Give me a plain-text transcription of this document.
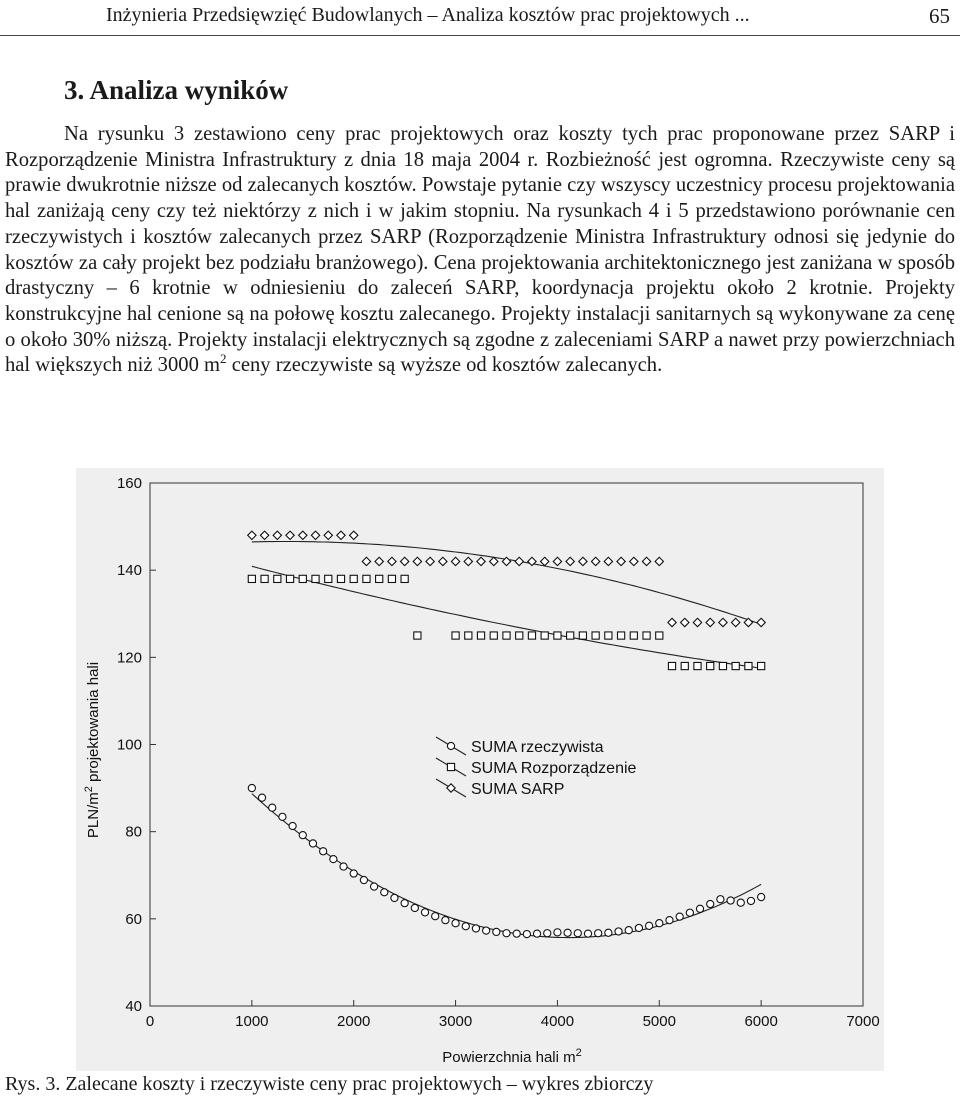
Inżynieria Przedsięwzięć Budowlanych – Analiza kosztów prac projektowych ...	65
3. Analiza wyników

Na rysunku 3 zestawiono ceny prac projektowych oraz koszty tych prac proponowane przez SARP i Rozporządzenie Ministra Infrastruktury z dnia 18 maja 2004 r. Rozbieżność jest ogromna. Rzeczywiste ceny są prawie dwukrotnie niższe od zalecanych kosztów. Powstaje pytanie czy wszyscy uczestnicy procesu projektowania hal zaniżają ceny czy też niektórzy z nich i w jakim stopniu. Na rysunkach 4 i 5 przedstawiono porównanie cen rzeczywistych i kosztów zalecanych przez SARP (Rozporządzenie Ministra Infrastruktury odnosi się jedynie do kosztów za cały projekt bez podziału branżowego). Cena projektowania architektonicznego jest zaniżana w sposób drastyczny – 6 krotnie w odniesieniu do zaleceń SARP, koordynacja projektu około 2 krotnie. Projekty konstrukcyjne hal cenione są na połowę kosztu zalecanego. Projekty instalacji sanitarnych są wykonywane za cenę o około 30% niższą. Projekty instalacji elektrycznych są zgodne z zaleceniami SARP a nawet przy powierzchniach hal większych niż 3000 $m^2$ ceny rzeczywiste są wyższe od kosztów zalecanych.

Powierzchnia hali $m^2$
PLN/$m^2$ projektowania hali
40
60
80
100
120
140
160
0	1000	2000	3000	4000	5000	6000	7000
SUMA rzeczywista
SUMA Rozporządzenie
SUMA SARP

Rys. 3. Zalecane koszty i rzeczywiste ceny prac projektowych – wykres zbiorczy
